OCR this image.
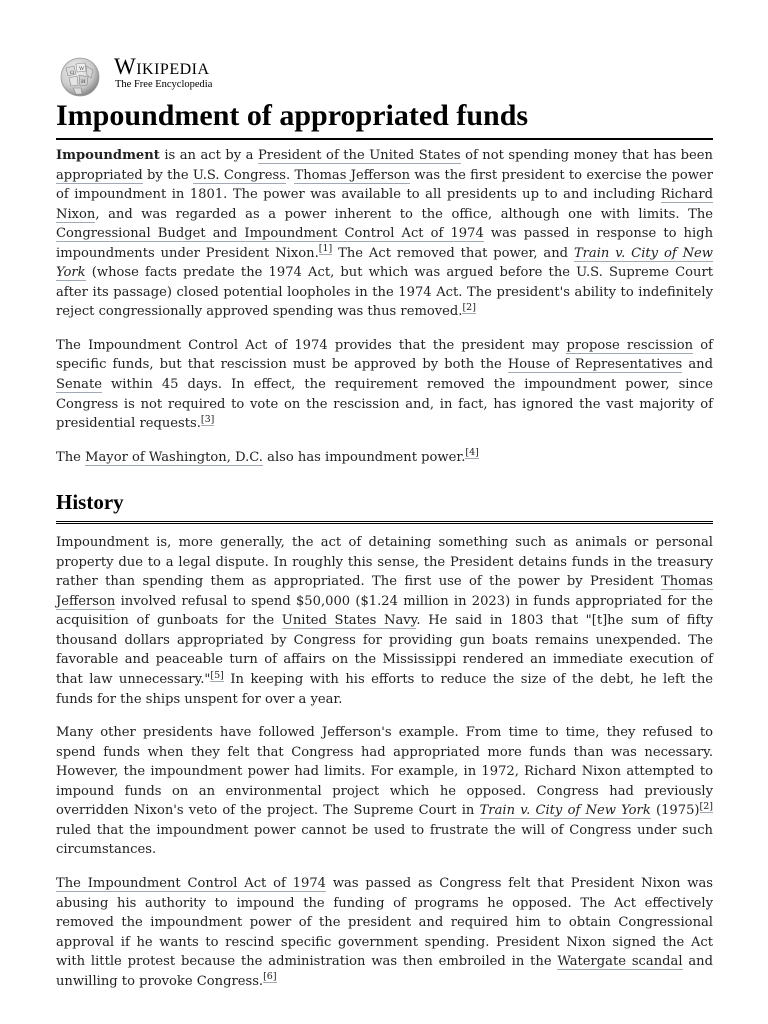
Ω
W
И
Wikipedia
The Free Encyclopedia
Impoundment of appropriated funds

Impoundment is an act by a President of the United States of not spending money that has been appropriated by the U.S. Congress. Thomas Jefferson was the first president to exercise the power of impoundment in 1801. The power was available to all presidents up to and including Richard Nixon, and was regarded as a power inherent to the office, although one with limits. The Congressional Budget and Impoundment Control Act of 1974 was passed in response to high impoundments under President Nixon.[1] The Act removed that power, and Train v. City of New York (whose facts predate the 1974 Act, but which was argued before the U.S. Supreme Court after its passage) closed potential loopholes in the 1974 Act. The president's ability to indefinitely reject congressionally approved spending was thus removed.[2]

The Impoundment Control Act of 1974 provides that the president may propose rescission of specific funds, but that rescission must be approved by both the House of Representatives and Senate within 45 days. In effect, the requirement removed the impoundment power, since Congress is not required to vote on the rescission and, in fact, has ignored the vast majority of presidential requests.[3]

The Mayor of Washington, D.C. also has impoundment power.[4]

History

Impoundment is, more generally, the act of detaining something such as animals or personal property due to a legal dispute. In roughly this sense, the President detains funds in the treasury rather than spending them as appropriated. The first use of the power by President Thomas Jefferson involved refusal to spend $50,000 ($1.24 million in 2023) in funds appropriated for the acquisition of gunboats for the United States Navy. He said in 1803 that "[t]he sum of fifty thousand dollars appropriated by Congress for providing gun boats remains unexpended. The favorable and peaceable turn of affairs on the Mississippi rendered an immediate execution of that law unnecessary."[5] In keeping with his efforts to reduce the size of the debt, he left the funds for the ships unspent for over a year.

Many other presidents have followed Jefferson's example. From time to time, they refused to spend funds when they felt that Congress had appropriated more funds than was necessary. However, the impoundment power had limits. For example, in 1972, Richard Nixon attempted to impound funds on an environmental project which he opposed. Congress had previously overridden Nixon's veto of the project. The Supreme Court in Train v. City of New York (1975)[2] ruled that the impoundment power cannot be used to frustrate the will of Congress under such circumstances.

The Impoundment Control Act of 1974 was passed as Congress felt that President Nixon was abusing his authority to impound the funding of programs he opposed. The Act effectively removed the impoundment power of the president and required him to obtain Congressional approval if he wants to rescind specific government spending. President Nixon signed the Act with little protest because the administration was then embroiled in the Watergate scandal and unwilling to provoke Congress.[6]
